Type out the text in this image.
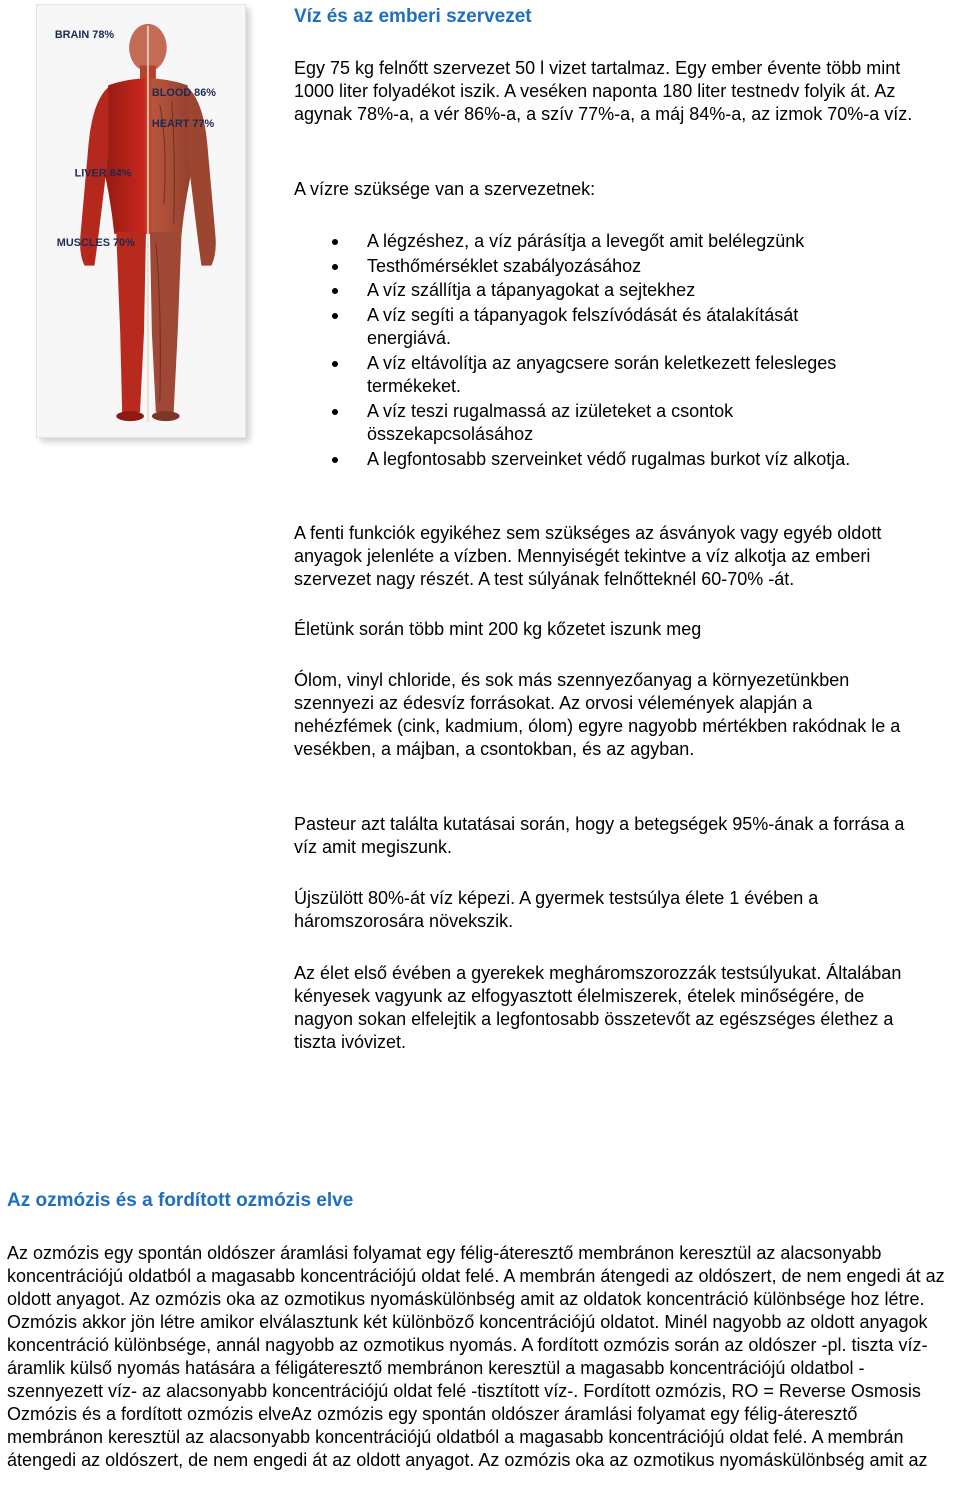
BRAIN 78%
BLOOD 86%
HEART 77%
LIVER 84%
MUSCLES 70%
Víz és az emberi szervezet

Egy 75 kg felnőtt szervezet 50 l vizet tartalmaz. Egy ember évente több mint 1000 liter folyadékot iszik. A veséken naponta 180 liter testnedv folyik át. Az agynak 78%-a, a vér 86%-a, a szív 77%-a, a máj 84%-a, az izmok 70%-a víz.

A vízre szüksége van a szervezetnek:

A légzéshez, a víz párásítja a levegőt amit belélegzünk
Testhőmérséklet szabályozásához
A víz szállítja a tápanyagokat a sejtekhez
A víz segíti a tápanyagok felszívódását és átalakítását energiává.
A víz eltávolítja az anyagcsere során keletkezett felesleges termékeket.
A víz teszi rugalmassá az izületeket a csontok összekapcsolásához
A legfontosabb szerveinket védő rugalmas burkot víz alkotja.

A fenti funkciók egyikéhez sem szükséges az ásványok vagy egyéb oldott anyagok jelenléte a vízben. Mennyiségét tekintve a víz alkotja az emberi szervezet nagy részét. A test súlyának felnőtteknél 60-70% -át.

Életünk során több mint 200 kg kőzetet iszunk meg

Ólom, vinyl chloride, és sok más szennyezőanyag a környezetünkben szennyezi az édesvíz forrásokat. Az orvosi vélemények alapján a nehézfémek (cink, kadmium, ólom) egyre nagyobb mértékben rakódnak le a vesékben, a májban, a csontokban, és az agyban.

Pasteur azt találta kutatásai során, hogy a betegségek 95%-ának a forrása a víz amit megiszunk.

Újszülött 80%-át víz képezi. A gyermek testsúlya élete 1 évében a háromszorosára növekszik.

Az élet első évében a gyerekek megháromszorozzák testsúlyukat. Általában kényesek vagyunk az elfogyasztott élelmiszerek, ételek minőségére, de nagyon sokan elfelejtik a legfontosabb összetevőt az egészséges élethez a tiszta ivóvizet.

Az ozmózis és a fordított ozmózis elve

Az ozmózis egy spontán oldószer áramlási folyamat egy félig-áteresztő membránon keresztül az alacsonyabb koncentrációjú oldatból a magasabb koncentrációjú oldat felé. A membrán átengedi az oldószert, de nem engedi át az oldott anyagot. Az ozmózis oka az ozmotikus nyomáskülönbség amit az oldatok koncentráció különbsége hoz létre. Ozmózis akkor jön létre amikor elválasztunk két különböző koncentrációjú oldatot. Minél nagyobb az oldott anyagok koncentráció különbsége, annál nagyobb az ozmotikus nyomás. A fordított ozmózis során az oldószer -pl. tiszta víz- áramlik külső nyomás hatására a féligáteresztő membránon keresztül a magasabb koncentrációjú oldatbol -szennyezett víz- az alacsonyabb koncentrációjú oldat felé -tisztított víz-. Fordított ozmózis, RO = Reverse Osmosis Ozmózis és a fordított ozmózis elveAz ozmózis egy spontán oldószer áramlási folyamat egy félig-áteresztő membránon keresztül az alacsonyabb koncentrációjú oldatból a magasabb koncentrációjú oldat felé. A membrán átengedi az oldószert, de nem engedi át az oldott anyagot. Az ozmózis oka az ozmotikus nyomáskülönbség amit az
